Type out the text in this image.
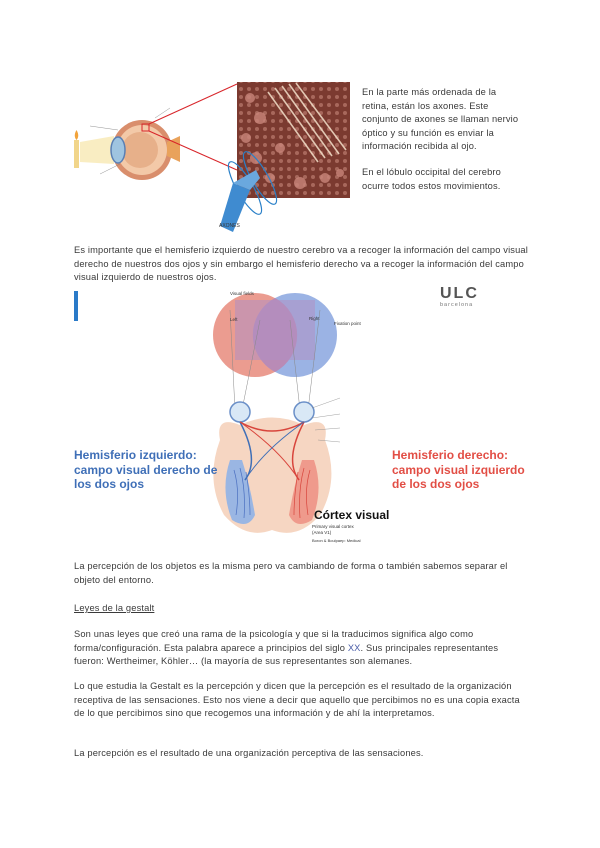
AXONES
En la parte más ordenada de la retina, están los axones. Este conjunto de axones se llaman nervio óptico y su función es enviar la información recibida al ojo.
En el lóbulo occipital del cerebro ocurre todos estos movimientos.
Es importante que el hemisferio izquierdo de nuestro cerebro va a recoger la información del campo visual derecho de nuestros dos ojos y sin embargo el hemisferio derecho va a recoger la información del campo visual izquierdo de nuestros ojos.
ULC
barcelona
Visual fields
Left	Right
Fixation point
Hemisferio izquierdo: campo visual derecho de los dos ojos
Hemisferio derecho: campo visual izquierdo de los dos ojos
Córtex visual
Primary visual cortex (Area V1)
Boron & Boulpaep: Medical
La percepción de los objetos es la misma pero va cambiando de forma o también sabemos separar el objeto del entorno.
Leyes de la gestalt
Son unas leyes que creó una rama de la psicología y que si la traducimos significa algo como forma/configuración. Esta palabra aparece a principios del siglo XX. Sus principales representantes fueron: Wertheimer, Köhler… (la mayoría de sus representantes son alemanes.
Lo que estudia la Gestalt es la percepción y dicen que la percepción es el resultado de la organización receptiva de las sensaciones. Esto nos viene a decir que aquello que percibimos no es una copia exacta de lo que percibimos sino que recogemos una información y de ahí la interpretamos.
La percepción es el resultado de una organización perceptiva de las sensaciones.
